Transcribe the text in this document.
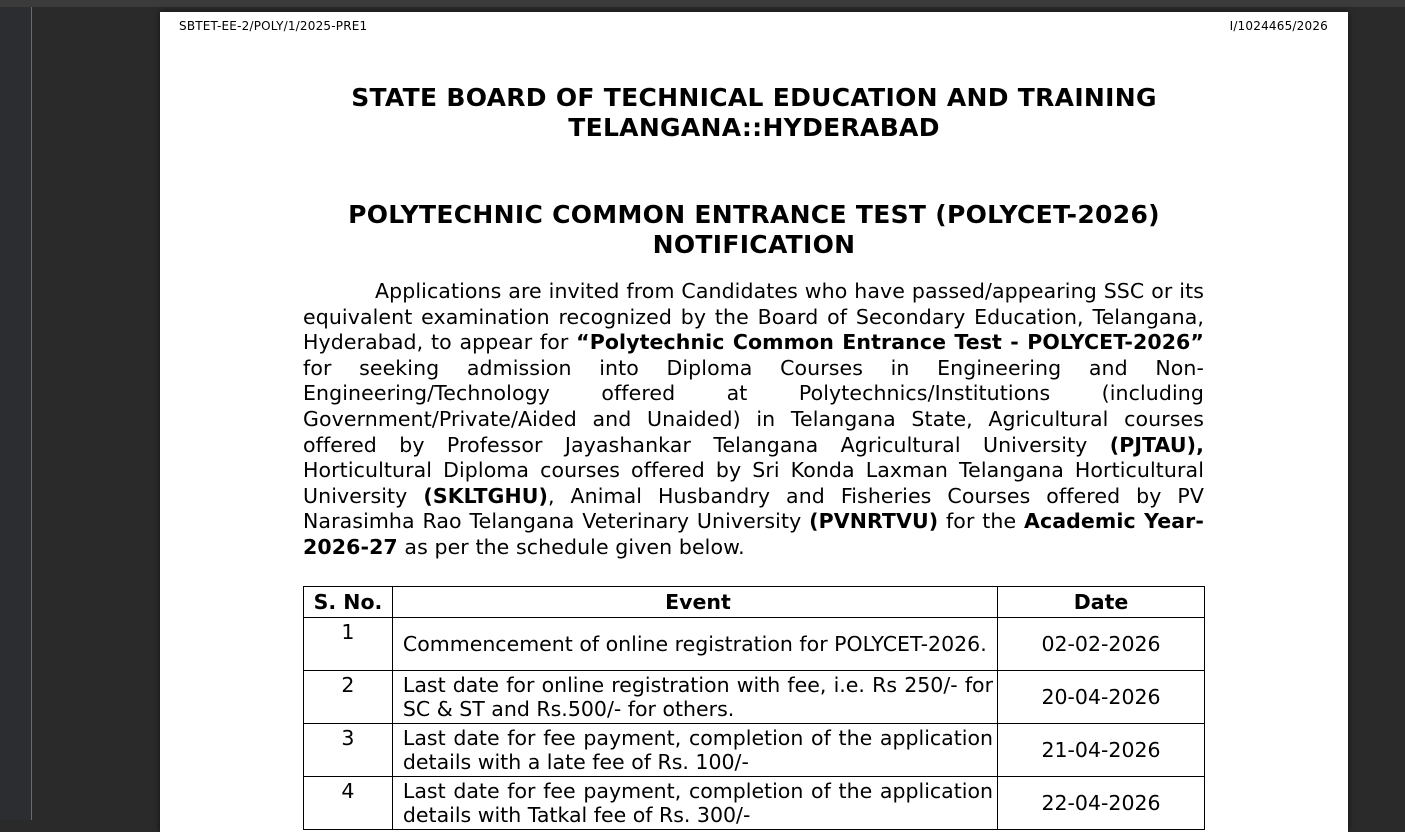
SBTET-EE-2/POLY/1/2025-PRE1	I/1024465/2026
STATE BOARD OF TECHNICAL EDUCATION AND TRAINING
TELANGANA::HYDERABAD
POLYTECHNIC COMMON ENTRANCE TEST (POLYCET-2026)
NOTIFICATION
Applications are invited from Candidates who have passed/appearing SSC or its equivalent examination recognized by the Board of Secondary Education, Telangana, Hyderabad, to appear for “Polytechnic Common Entrance Test - POLYCET-2026” for seeking admission into Diploma Courses in Engineering and Non- Engineering/Technology offered at Polytechnics/Institutions (including Government/Private/Aided and Unaided) in Telangana State, Agricultural courses offered by Professor Jayashankar Telangana Agricultural University (PJTAU), Horticultural Diploma courses offered by Sri Konda Laxman Telangana Horticultural University (SKLTGHU), Animal Husbandry and Fisheries Courses offered by PV Narasimha Rao Telangana Veterinary University (PVNRTVU) for the Academic Year-2026-27 as per the schedule given below.
S. No.	Event	Date
1	Commencement of online registration for POLYCET-2026.	02-02-2026
2	Last date for online registration with fee, i.e. Rs 250/- for SC & ST and Rs.500/- for others.	20-04-2026
3	Last date for fee payment, completion of the application details with a late fee of Rs. 100/-	21-04-2026
4	Last date for fee payment, completion of the application details with Tatkal fee of Rs. 300/-	22-04-2026
